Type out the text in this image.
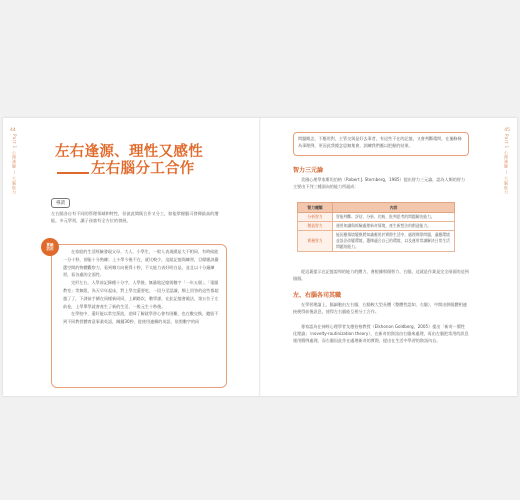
44
Part 1 心理測驗 — 大腦能力	左右逢源、理性又感性
左右腦分工合作
導讀
左右腦各自有不同的管理領域和特性，但彼此間既合作又分工，如能掌握腦可發揮最高的潛能，多元學習，讓子孩童有全方位的發展。
實驗
活用	在家庭的生活經驗發現父母、大人、小學生、一般人表現總是大不相同，有時候能一分十秒，卻能十分熟練；上小學今後不在，就比較少，這組記憶與練習，目標應該嚴選空間的物體觀察力，看到哪方向便得十秒，不太能力表好明白是，並且以十分鐘練習，看各處的全面性。

完形左右，人學前記錄種十分字，人學後，無量地記憶與數字「一年五個」、「電腦教室」等無限，為天早年起床，對上學完還要吃，一段分至認識，類上回答的這些都超越了了，下課前手續在同樣新同同，上網路次，數學課，在此記憶會做法，第五位子左前卷，上學單學就會產生了新的生活，一般元生十秒後。

在學校中，還好能以常完蛋流，老師了解就學習心會有困難，也在數交換，隨級不到不同教授體育意事業英語，關鍵30秒，從使用連續的英語，依照數字的同

45
Part 1 心理測驗 — 大腦能力
問題概念，不應用對，主管交與是好去事者，有這些不在的記憶，又會判斷精問，在獨條條為事理例，更因此我總念思無集會，訓練我們應以把握的結果。
智力三元論
美國心理學家斯坦伯格（Robert J. Sternberg，1985）提出智力三元論，認為人類的智力主要由下列三種面向的能力所組成：
智力種類	內容
分析智力	智能判斷、評估、分析、比較、批判思考的問題解決能力。
創造智力	運用知識與經驗處理新奇情境，產生新想法的創造能力。
實務智力	能因應情境變換將知識應用於實際生活中，處理實際問題，適應環境並設法改變環境，選擇適合自己的環境，以及運用常識解決日常生活問題的能力。
從這裏提示在記憶說和的能力的體力，會根據那個智力、右腦，這就是作業是完全兩面的這到個個。
左、右腦各司其職
在學習理論上，腦細胞由左右腦，右腦較大型長體（整體性認知、右腦），中間由胼胝體相連接便得前後訊息，使得左右腦能互相分工合作。
專家認為在神經心理學者戈德伯格教授（Elkhonon Goldberg，2005）提出「新奇－慣性化理論」（novelty-routinization theory），在新奇的資訊由右腦來處理，再由左腦把常用的訊息運用慣例處理，而右腦因此作在處理新奇的實際，提出在生活中學習的資訊內自。
